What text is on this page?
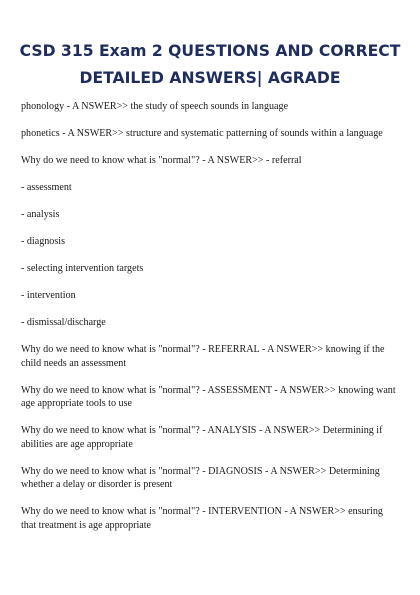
CSD 315 Exam 2 QUESTIONS AND CORRECT
DETAILED ANSWERS| AGRADE

phonology - A NSWER>> the study of speech sounds in language

phonetics - A NSWER>> structure and systematic patterning of sounds within a language

Why do we need to know what is "normal"? - A NSWER>> - referral

- assessment

- analysis

- diagnosis

- selecting intervention targets

- intervention

- dismissal/discharge

Why do we need to know what is "normal"? - REFERRAL - A NSWER>> knowing if the child needs an assessment

Why do we need to know what is "normal"? - ASSESSMENT - A NSWER>> knowing want age appropriate tools to use

Why do we need to know what is "normal"? - ANALYSIS - A NSWER>> Determining if abilities are age appropriate

Why do we need to know what is "normal"? - DIAGNOSIS - A NSWER>> Determining whether a delay or disorder is present

Why do we need to know what is "normal"? - INTERVENTION - A NSWER>> ensuring that treatment is age appropriate
